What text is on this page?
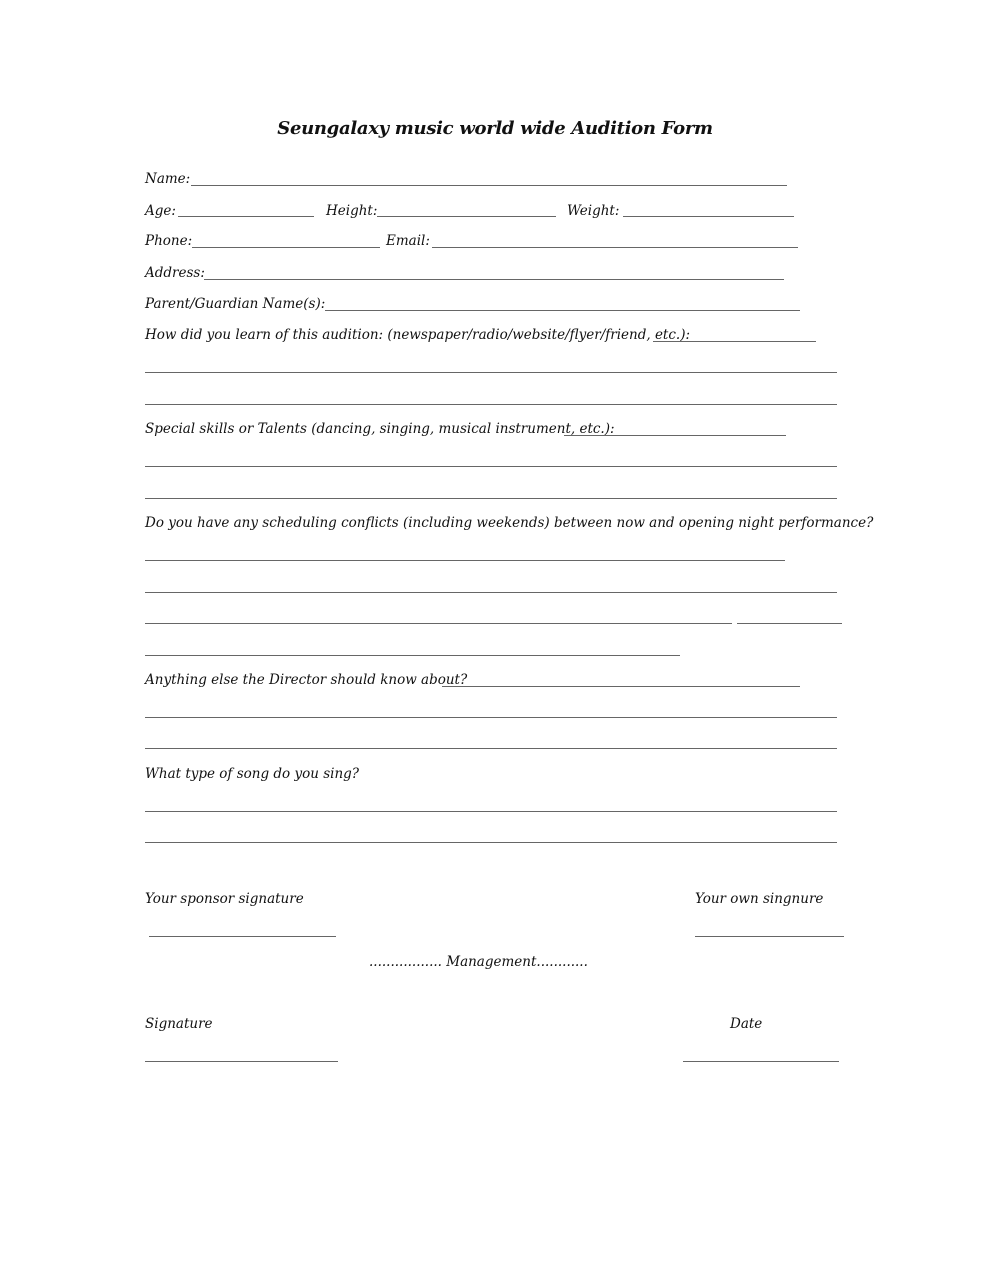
Seungalaxy music world wide Audition Form
Name:
Age:	Height:	Weight:
Phone:	Email:
Address:
Parent/Guardian Name(s):
How did you learn of this audition: (newspaper/radio/website/flyer/friend, etc.):
Special skills or Talents (dancing, singing, musical instrument, etc.):
Do you have any scheduling conflicts (including weekends) between now and opening night performance?
Anything else the Director should know about?
What type of song do you sing?
Your sponsor signature	Your own singnure
................. Management............
Signature	Date
